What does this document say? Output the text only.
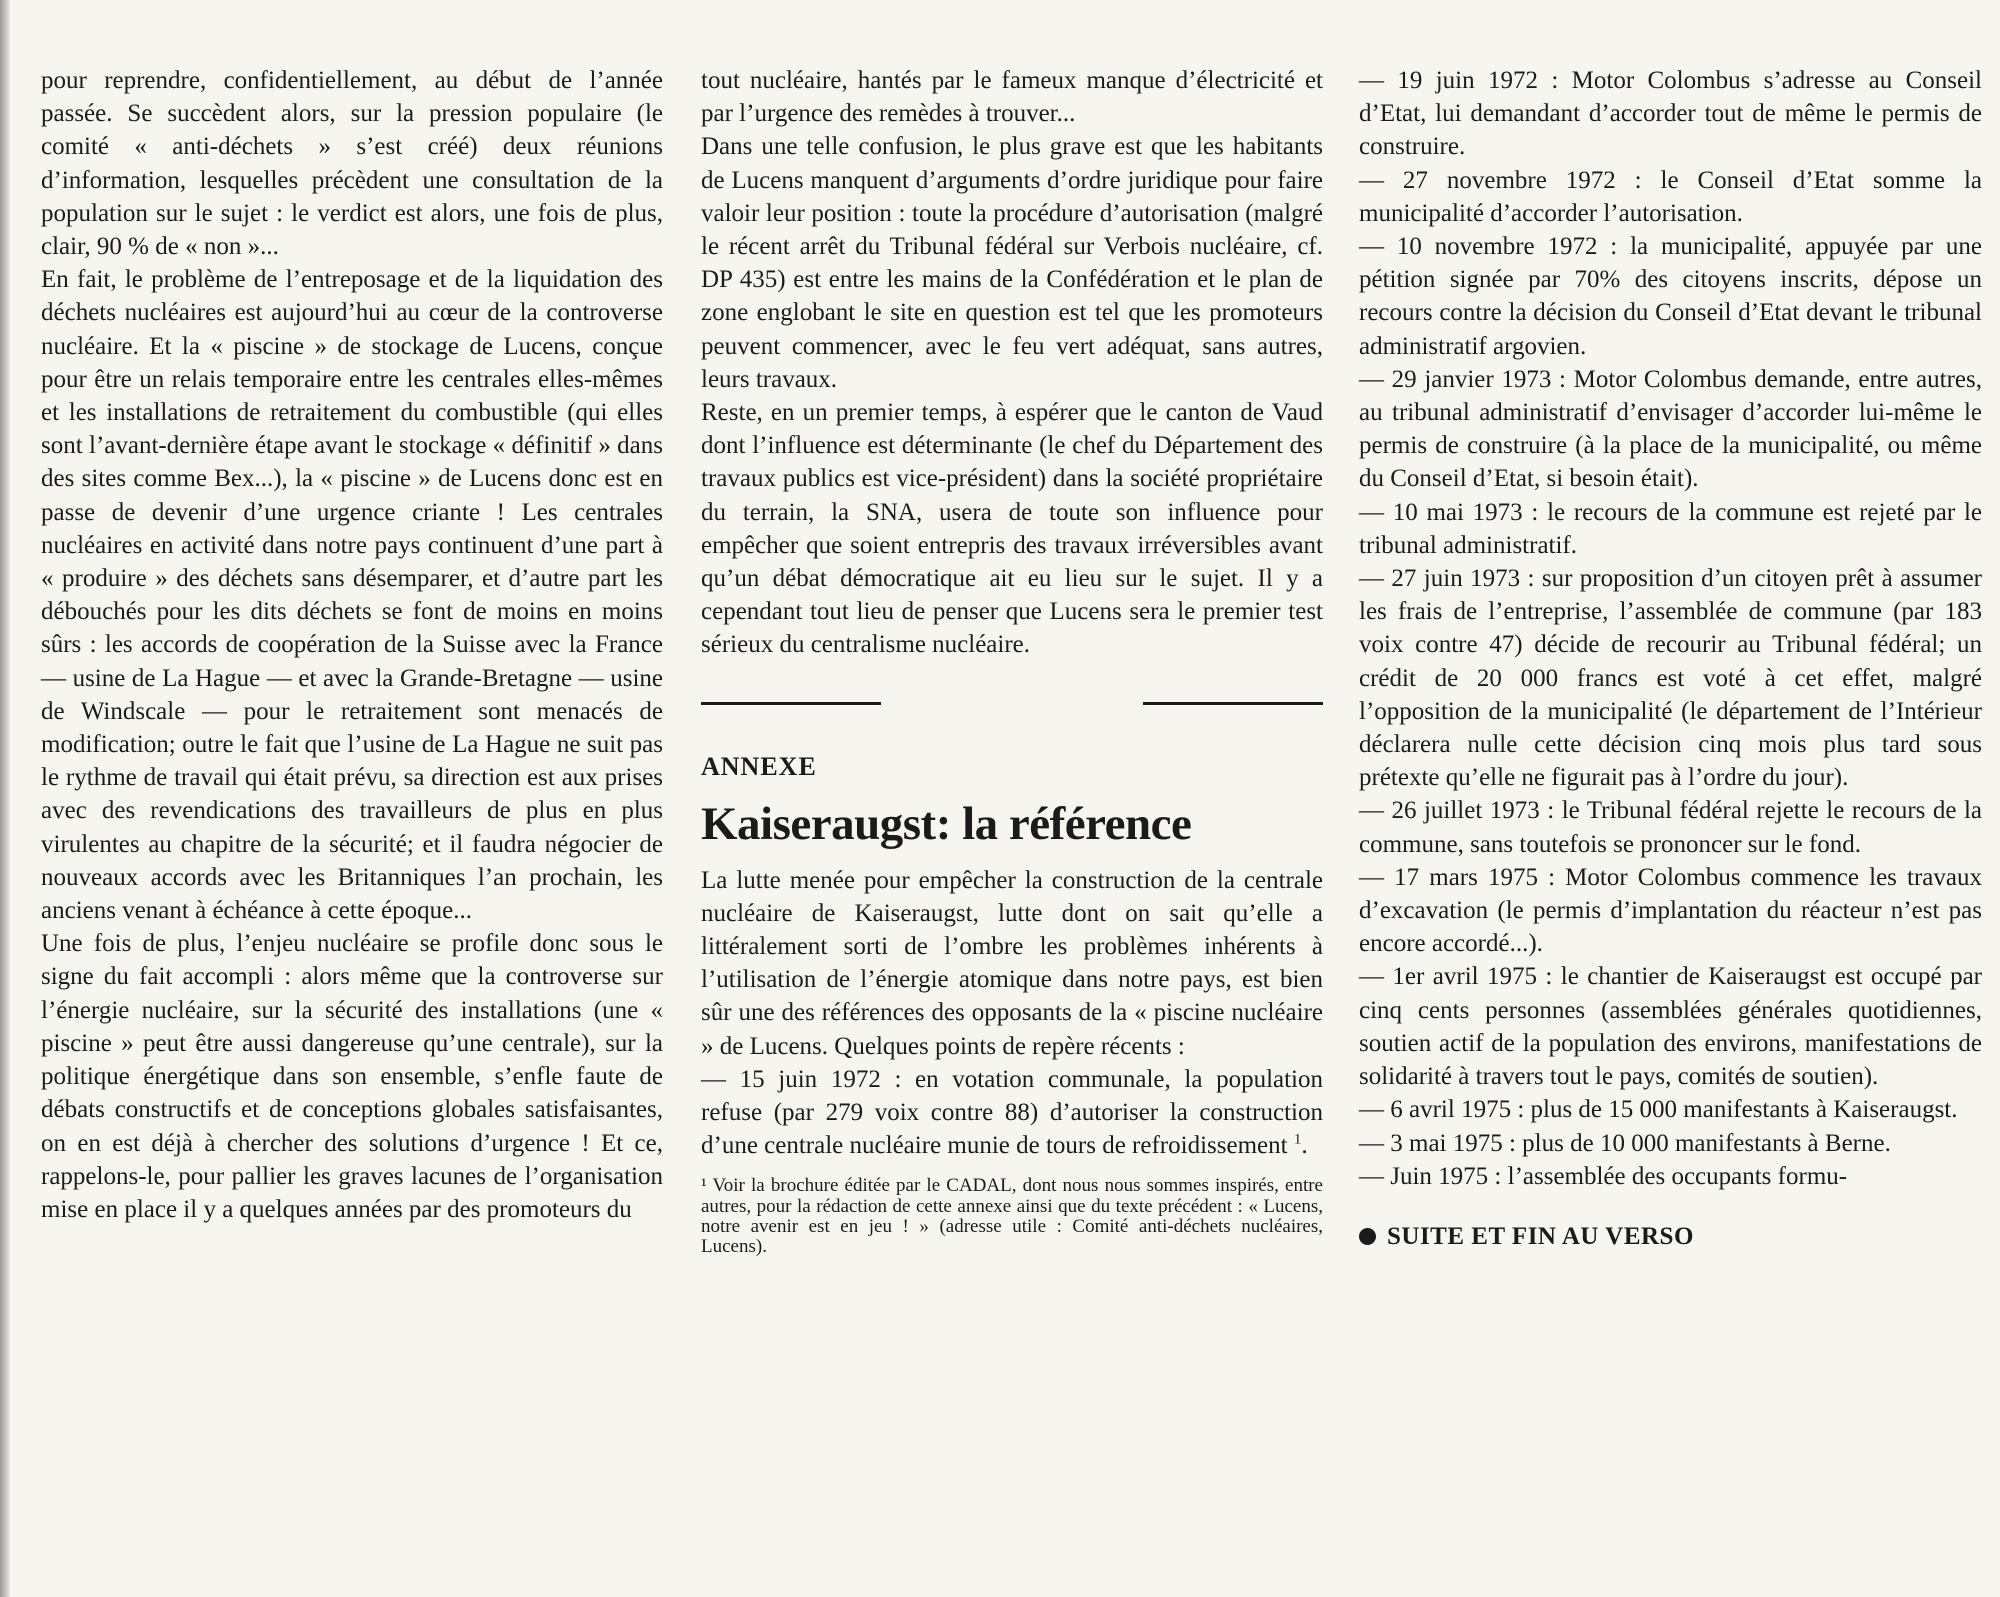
pour reprendre, confidentiellement, au début de l’année passée. Se succèdent alors, sur la pression populaire (le comité « anti-déchets » s’est créé) deux réunions d’information, lesquelles précèdent une consultation de la population sur le sujet : le verdict est alors, une fois de plus, clair, 90 % de « non »...

En fait, le problème de l’entreposage et de la liquidation des déchets nucléaires est aujourd’hui au cœur de la controverse nucléaire. Et la « piscine » de stockage de Lucens, conçue pour être un relais temporaire entre les centrales elles-mêmes et les installations de retraitement du combustible (qui elles sont l’avant-dernière étape avant le stockage « définitif » dans des sites comme Bex...), la « piscine » de Lucens donc est en passe de devenir d’une urgence criante ! Les centrales nucléaires en activité dans notre pays continuent d’une part à « produire » des déchets sans désemparer, et d’autre part les débouchés pour les dits déchets se font de moins en moins sûrs : les accords de coopération de la Suisse avec la France — usine de La Hague — et avec la Grande-Bretagne — usine de Windscale — pour le retraitement sont menacés de modification; outre le fait que l’usine de La Hague ne suit pas le rythme de travail qui était prévu, sa direction est aux prises avec des revendications des travailleurs de plus en plus virulentes au chapitre de la sécurité; et il faudra négocier de nouveaux accords avec les Britanniques l’an prochain, les anciens venant à échéance à cette époque...

Une fois de plus, l’enjeu nucléaire se profile donc sous le signe du fait accompli : alors même que la controverse sur l’énergie nucléaire, sur la sécurité des installations (une « piscine » peut être aussi dangereuse qu’une centrale), sur la politique énergétique dans son ensemble, s’enfle faute de débats constructifs et de conceptions globales satisfaisantes, on en est déjà à chercher des solutions d’urgence ! Et ce, rappelons-le, pour pallier les graves lacunes de l’organisation mise en place il y a quelques années par des promoteurs du

tout nucléaire, hantés par le fameux manque d’électricité et par l’urgence des remèdes à trouver...

Dans une telle confusion, le plus grave est que les habitants de Lucens manquent d’arguments d’ordre juridique pour faire valoir leur position : toute la procédure d’autorisation (malgré le récent arrêt du Tribunal fédéral sur Verbois nucléaire, cf. DP 435) est entre les mains de la Confédération et le plan de zone englobant le site en question est tel que les promoteurs peuvent commencer, avec le feu vert adéquat, sans autres, leurs travaux.

Reste, en un premier temps, à espérer que le canton de Vaud dont l’influence est déterminante (le chef du Département des travaux publics est vice-président) dans la société propriétaire du terrain, la SNA, usera de toute son influence pour empêcher que soient entrepris des travaux irréversibles avant qu’un débat démocratique ait eu lieu sur le sujet. Il y a cependant tout lieu de penser que Lucens sera le premier test sérieux du centralisme nucléaire.

ANNEXE
Kaiseraugst: la référence

La lutte menée pour empêcher la construction de la centrale nucléaire de Kaiseraugst, lutte dont on sait qu’elle a littéralement sorti de l’ombre les problèmes inhérents à l’utilisation de l’énergie atomique dans notre pays, est bien sûr une des références des opposants de la « piscine nucléaire » de Lucens. Quelques points de repère récents :

— 15 juin 1972 : en votation communale, la population refuse (par 279 voix contre 88) d’autoriser la construction d’une centrale nucléaire munie de tours de refroidissement $^1$.

¹ Voir la brochure éditée par le CADAL, dont nous nous sommes inspirés, entre autres, pour la rédaction de cette annexe ainsi que du texte précédent : « Lucens, notre avenir est en jeu ! » (adresse utile : Comité anti-déchets nucléaires, Lucens).

— 19 juin 1972 : Motor Colombus s’adresse au Conseil d’Etat, lui demandant d’accorder tout de même le permis de construire.

— 27 novembre 1972 : le Conseil d’Etat somme la municipalité d’accorder l’autorisation.

— 10 novembre 1972 : la municipalité, appuyée par une pétition signée par 70% des citoyens inscrits, dépose un recours contre la décision du Conseil d’Etat devant le tribunal administratif argovien.

— 29 janvier 1973 : Motor Colombus demande, entre autres, au tribunal administratif d’envisager d’accorder lui-même le permis de construire (à la place de la municipalité, ou même du Conseil d’Etat, si besoin était).

— 10 mai 1973 : le recours de la commune est rejeté par le tribunal administratif.

— 27 juin 1973 : sur proposition d’un citoyen prêt à assumer les frais de l’entreprise, l’assemblée de commune (par 183 voix contre 47) décide de recourir au Tribunal fédéral; un crédit de 20 000 francs est voté à cet effet, malgré l’opposition de la municipalité (le département de l’Intérieur déclarera nulle cette décision cinq mois plus tard sous prétexte qu’elle ne figurait pas à l’ordre du jour).

— 26 juillet 1973 : le Tribunal fédéral rejette le recours de la commune, sans toutefois se prononcer sur le fond.

— 17 mars 1975 : Motor Colombus commence les travaux d’excavation (le permis d’implantation du réacteur n’est pas encore accordé...).

— 1er avril 1975 : le chantier de Kaiseraugst est occupé par cinq cents personnes (assemblées générales quotidiennes, soutien actif de la population des environs, manifestations de solidarité à travers tout le pays, comités de soutien).

— 6 avril 1975 : plus de 15 000 manifestants à Kaiseraugst.

— 3 mai 1975 : plus de 10 000 manifestants à Berne.

— Juin 1975 : l’assemblée des occupants formu-

SUITE ET FIN AU VERSO
